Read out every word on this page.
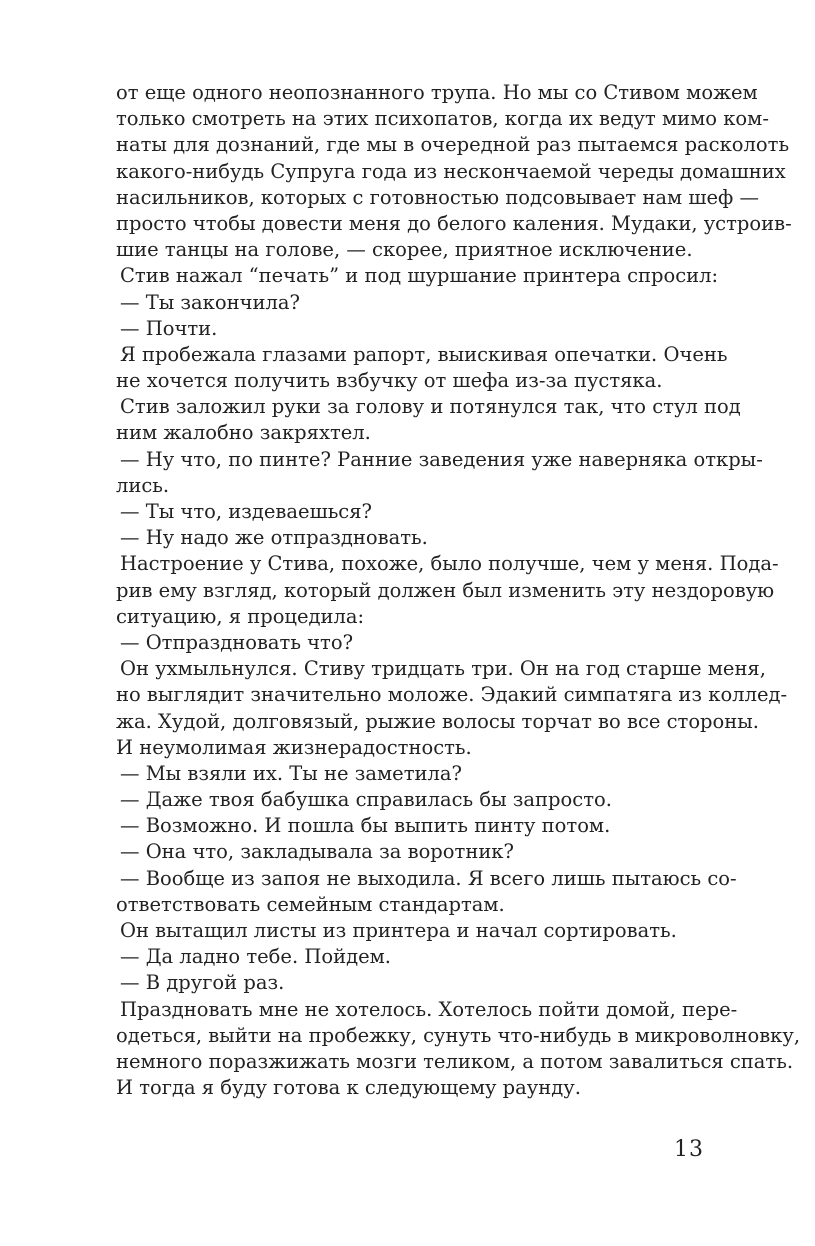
от еще одного неопознанного трупа. Но мы со Стивом можем
только смотреть на этих психопатов, когда их ведут мимо ком-
наты для дознаний, где мы в очередной раз пытаемся расколоть
какого-нибудь Супруга года из нескончаемой череды домашних
насильников, которых с готовностью подсовывает нам шеф —
просто чтобы довести меня до белого каления. Мудаки, устроив-
шие танцы на голове, — скорее, приятное исключение.
Стив нажал “печать” и под шуршание принтера спросил:
— Ты закончила?
— Почти.
Я пробежала глазами рапорт, выискивая опечатки. Очень
не хочется получить взбучку от шефа из-за пустяка.
Стив заложил руки за голову и потянулся так, что стул под
ним жалобно закряхтел.
— Ну что, по пинте? Ранние заведения уже наверняка откры-
лись.
— Ты что, издеваешься?
— Ну надо же отпраздновать.
Настроение у Стива, похоже, было получше, чем у меня. Пода-
рив ему взгляд, который должен был изменить эту нездоровую
ситуацию, я процедила:
— Отпраздновать что?
Он ухмыльнулся. Стиву тридцать три. Он на год старше меня,
но выглядит значительно моложе. Эдакий симпатяга из коллед-
жа. Худой, долговязый, рыжие волосы торчат во все стороны.
И неумолимая жизнерадостность.
— Мы взяли их. Ты не заметила?
— Даже твоя бабушка справилась бы запросто.
— Возможно. И пошла бы выпить пинту потом.
— Она что, закладывала за воротник?
— Вообще из запоя не выходила. Я всего лишь пытаюсь со-
ответствовать семейным стандартам.
Он вытащил листы из принтера и начал сортировать.
— Да ладно тебе. Пойдем.
— В другой раз.
Праздновать мне не хотелось. Хотелось пойти домой, пере-
одеться, выйти на пробежку, сунуть что-нибудь в микроволновку,
немного поразжижать мозги теликом, а потом завалиться спать.
И тогда я буду готова к следующему раунду.
13
